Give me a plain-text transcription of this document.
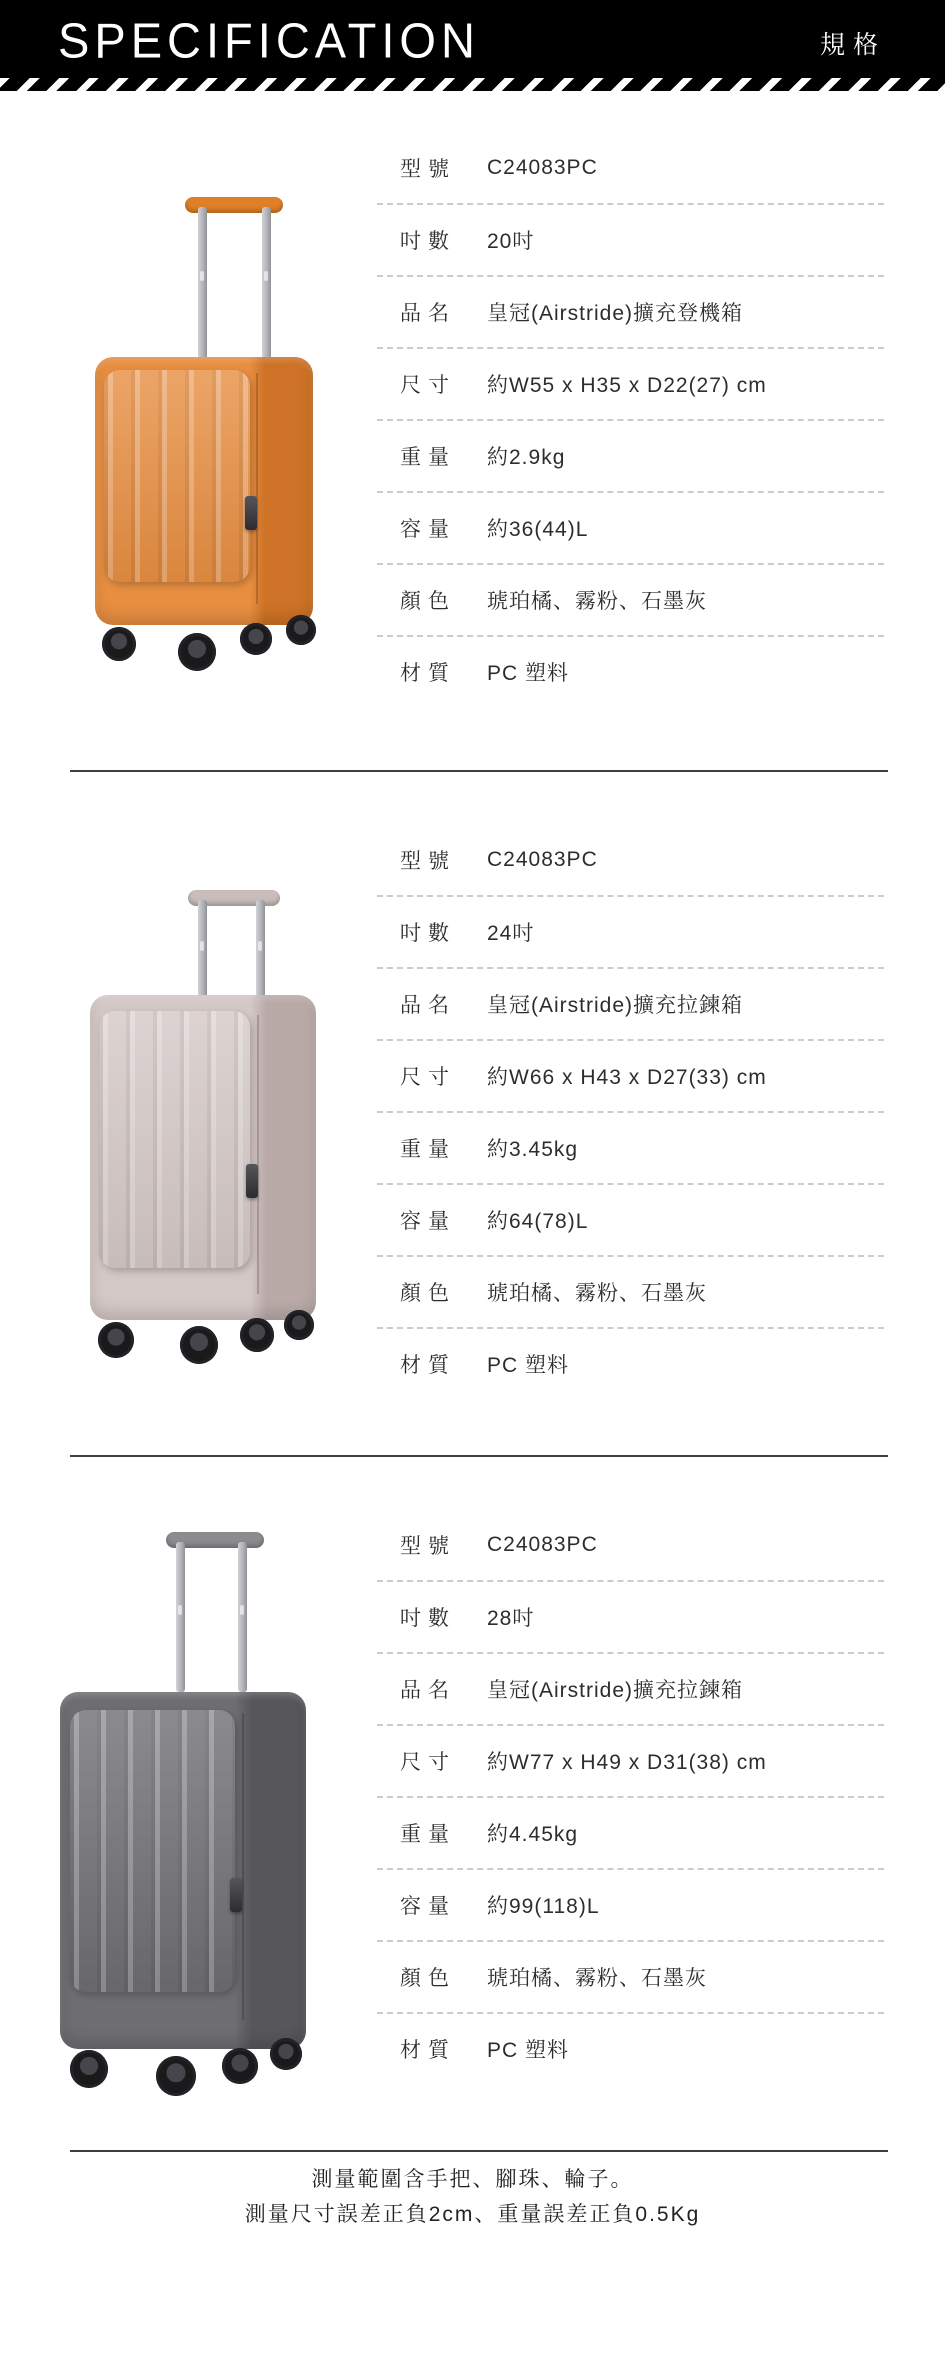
SPECIFICATION	規格
型號	C24083PC
吋數	20吋
品名	皇冠(Airstride)擴充登機箱
尺寸	約W55 x H35 x D22(27) cm
重量	約2.9kg
容量	約36(44)L
顏色	琥珀橘、霧粉、石墨灰
材質	PC 塑料
型號	C24083PC
吋數	24吋
品名	皇冠(Airstride)擴充拉鍊箱
尺寸	約W66 x H43 x D27(33) cm
重量	約3.45kg
容量	約64(78)L
顏色	琥珀橘、霧粉、石墨灰
材質	PC 塑料
型號	C24083PC
吋數	28吋
品名	皇冠(Airstride)擴充拉鍊箱
尺寸	約W77 x H49 x D31(38) cm
重量	約4.45kg
容量	約99(118)L
顏色	琥珀橘、霧粉、石墨灰
材質	PC 塑料
測量範圍含手把、腳珠、輪子。
測量尺寸誤差正負2cm、重量誤差正負0.5Kg
